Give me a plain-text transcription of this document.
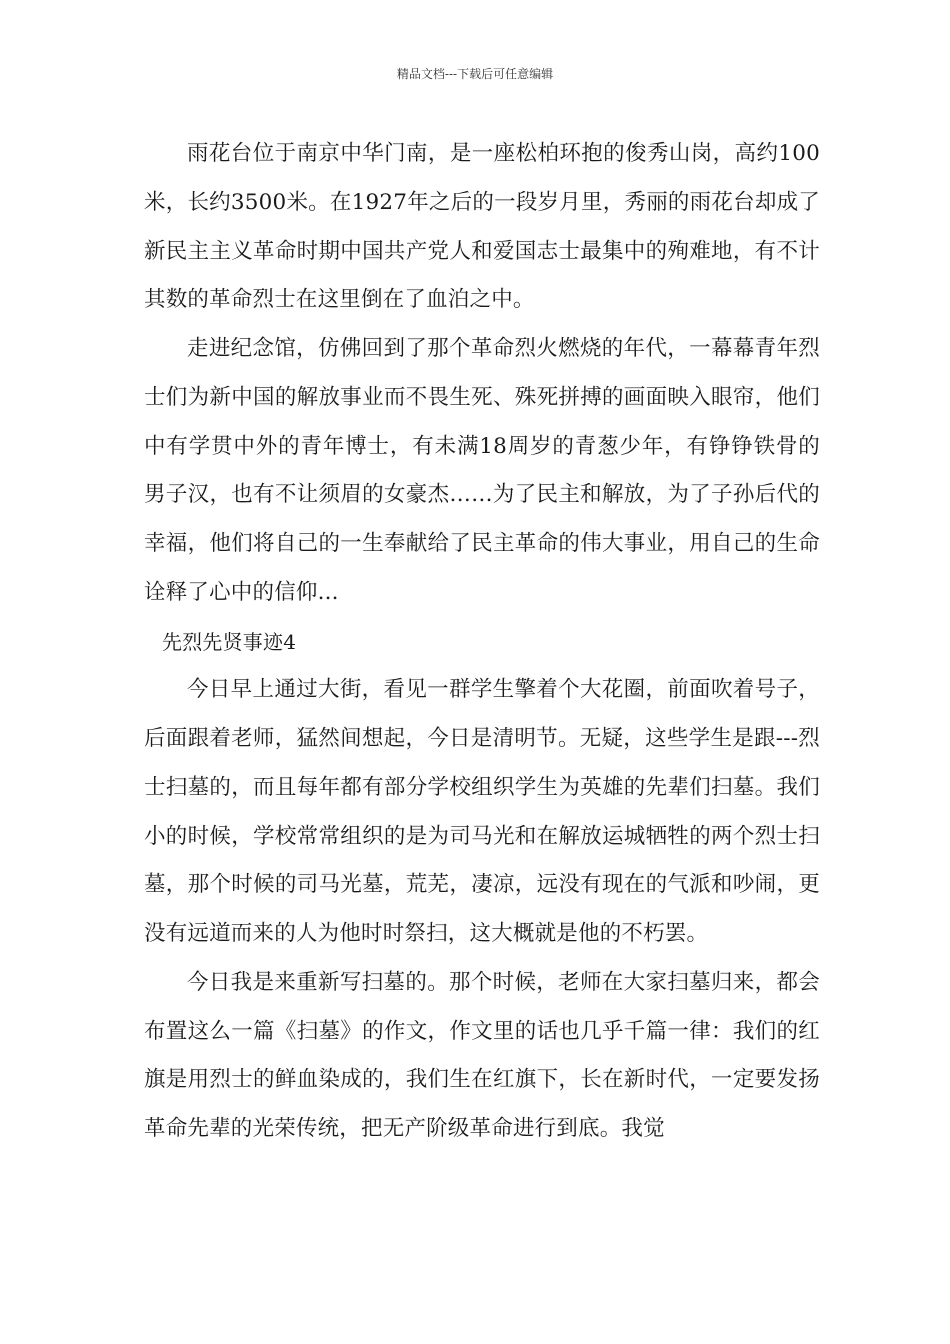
精品文档---下载后可任意编辑

雨花台位于南京中华门南，是一座松柏环抱的俊秀山岗，高约100米，长约3500米。在1927年之后的一段岁月里，秀丽的雨花台却成了新民主主义革命时期中国共产党人和爱国志士最集中的殉难地，有不计其数的革命烈士在这里倒在了血泊之中。

走进纪念馆，仿佛回到了那个革命烈火燃烧的年代，一幕幕青年烈士们为新中国的解放事业而不畏生死、殊死拼搏的画面映入眼帘，他们中有学贯中外的青年博士，有未满18周岁的青葱少年，有铮铮铁骨的男子汉，也有不让须眉的女豪杰……为了民主和解放，为了子孙后代的幸福，他们将自己的一生奉献给了民主革命的伟大事业，用自己的生命诠释了心中的信仰...

先烈先贤事迹4

今日早上通过大街，看见一群学生擎着个大花圈，前面吹着号子，后面跟着老师，猛然间想起，今日是清明节。无疑，这些学生是跟---烈士扫墓的，而且每年都有部分学校组织学生为英雄的先辈们扫墓。我们小的时候，学校常常组织的是为司马光和在解放运城牺牲的两个烈士扫墓，那个时候的司马光墓，荒芜，凄凉，远没有现在的气派和吵闹，更没有远道而来的人为他时时祭扫，这大概就是他的不朽罢。

今日我是来重新写扫墓的。那个时候，老师在大家扫墓归来，都会布置这么一篇《扫墓》的作文，作文里的话也几乎千篇一律：我们的红旗是用烈士的鲜血染成的，我们生在红旗下，长在新时代，一定要发扬革命先辈的光荣传统，把无产阶级革命进行到底。我觉
